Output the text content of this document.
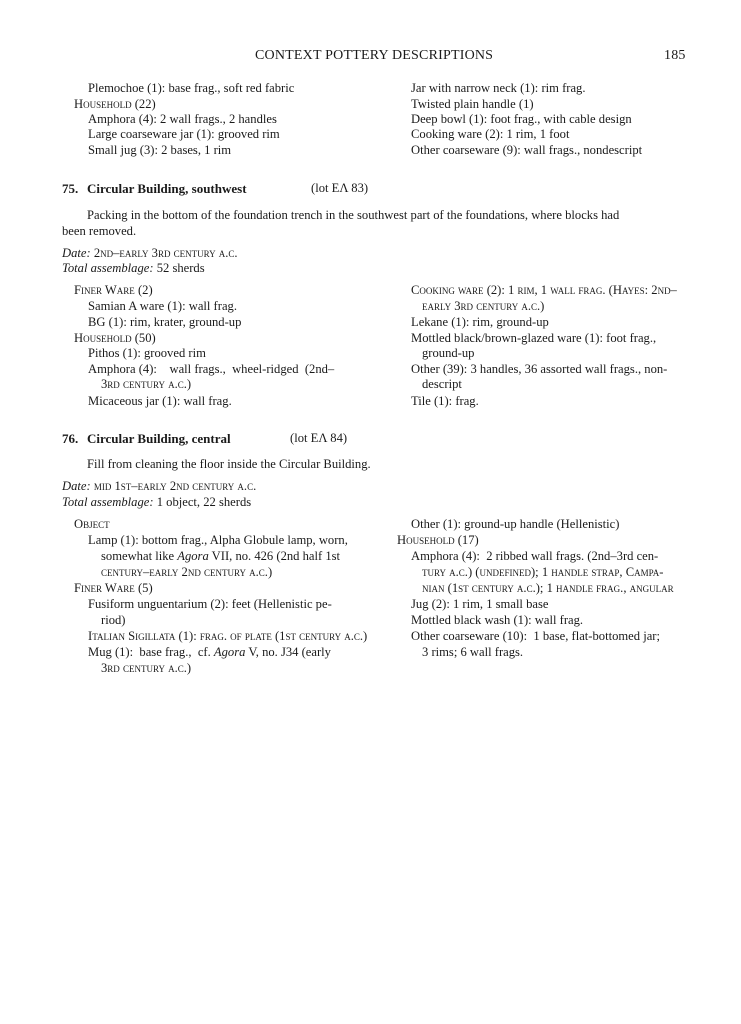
CONTEXT POTTERY DESCRIPTIONS	185
Plemochoe (1): base frag., soft red fabric
Household (22)
Amphora (4): 2 wall frags., 2 handles
Large coarseware jar (1): grooved rim
Small jug (3): 2 bases, 1 rim
Jar with narrow neck (1): rim frag.
Twisted plain handle (1)
Deep bowl (1): foot frag., with cable design
Cooking ware (2): 1 rim, 1 foot
Other coarseware (9): wall frags., nondescript
75. Circular Building, southwest	(lot EΛ 83)
Packing in the bottom of the foundation trench in the southwest part of the foundations, where blocks had
been removed.
Date: 2nd–early 3rd century a.c.
Total assemblage: 52 sherds
Finer Ware (2)
Samian A ware (1): wall frag.
BG (1): rim, krater, ground-up
Household (50)
Pithos (1): grooved rim
Amphora (4):    wall frags.,  wheel-ridged  (2nd–
3rd century a.c.)
Micaceous jar (1): wall frag.
Cooking ware (2): 1 rim, 1 wall frag. (Hayes: 2nd–
early 3rd century a.c.)
Lekane (1): rim, ground-up
Mottled black/brown-glazed ware (1): foot frag.,
ground-up
Other (39): 3 handles, 36 assorted wall frags., non-
descript
Tile (1): frag.
76. Circular Building, central	(lot EΛ 84)
Fill from cleaning the floor inside the Circular Building.
Date: mid 1st–early 2nd century a.c.
Total assemblage: 1 object, 22 sherds
Object
Lamp (1): bottom frag., Alpha Globule lamp, worn,
somewhat like Agora VII, no. 426 (2nd half 1st
century–early 2nd century a.c.)
Finer Ware (5)
Fusiform unguentarium (2): feet (Hellenistic pe-
riod)
Italian Sigillata (1): frag. of plate (1st century a.c.)
Mug (1):  base frag.,  cf. Agora V, no. J34 (early
3rd century a.c.)
Other (1): ground-up handle (Hellenistic)
Household (17)
Amphora (4):  2 ribbed wall frags. (2nd–3rd cen-
tury a.c.) (undefined); 1 handle strap, Campa-
nian (1st century a.c.); 1 handle frag., angular
Jug (2): 1 rim, 1 small base
Mottled black wash (1): wall frag.
Other coarseware (10):  1 base, flat-bottomed jar;
3 rims; 6 wall frags.
